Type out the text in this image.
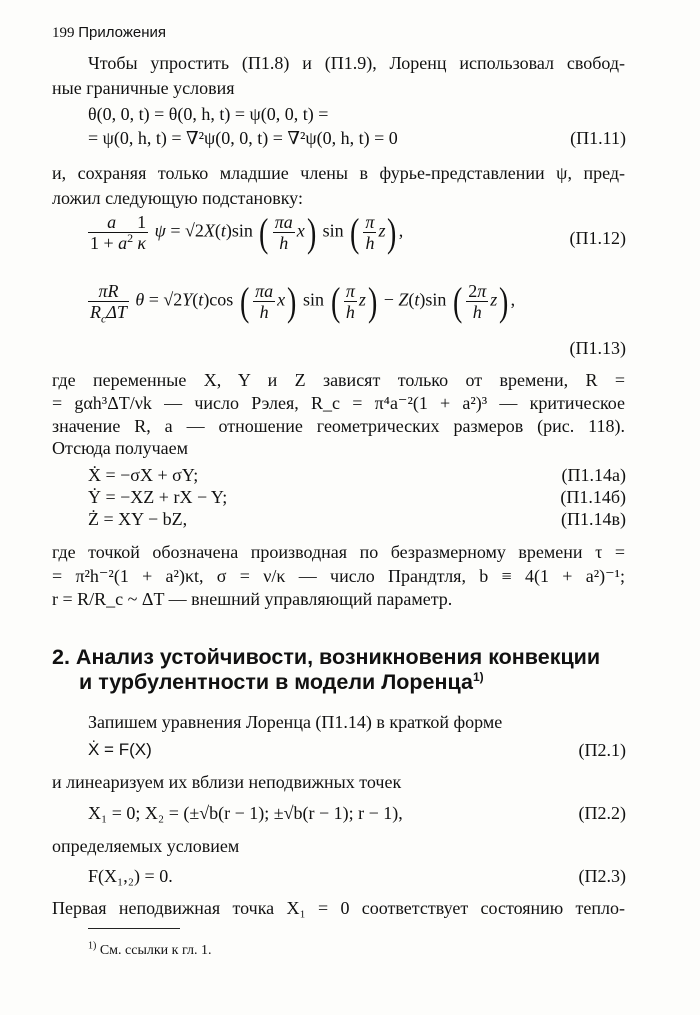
199 Приложения
Чтобы упростить (П1.8) и (П1.9), Лоренц использовал свобод-
ные граничные условия
θ(0, 0, t) = θ(0, h, t) = ψ(0, 0, t) =
= ψ(0, h, t) = ∇²ψ(0, 0, t) = ∇²ψ(0, h, t) = 0	(П1.11)
и, сохраняя только младшие члены в фурье-представлении ψ, пред-
ложил следующую подстановку:
$\frac{a}{1 + a^2} \frac{1}{\kappa}$ ψ = √2X(t)sin ( $\frac{\pi a}{h} x$) sin ( $\frac{\pi}{h} z$) ,	(П1.12)
$\frac{\pi R}{R_c\Delta T}$ θ = √2Y(t)cos ( $\frac{\pi a}{h} x$) sin ( $\frac{\pi}{h} z) - Z(t)\sin$ ( $\frac{2\pi}{h} z$) ,
(П1.13)
где переменные X, Y и Z зависят только от времени, R =
= gαh³ΔT/νk — число Рэлея, R_c = π⁴a⁻²(1 + a²)³ — критическое
значение R, a — отношение геометрических размеров (рис. 118).
Отсюда получаем
Ẋ = −σX + σY;	(П1.14а)
Ẏ = −XZ + rX − Y;	(П1.14б)
Ż = XY − bZ,	(П1.14в)
где точкой обозначена производная по безразмерному времени τ =
= π²h⁻²(1 + a²)κt, σ = ν/κ — число Прандтля, b ≡ 4(1 + a²)⁻¹;
r = R/R_c ~ ΔT — внешний управляющий параметр.
2. Анализ устойчивости, возникновения конвекции
и турбулентности в модели Лоренца$^{1)}$
Запишем уравнения Лоренца (П1.14) в краткой форме
Ẋ = F(X)	(П2.1)
и линеаризуем их вблизи неподвижных точек
X₁ = 0; X₂ = (±√b(r − 1); ±√b(r − 1); r − 1),	(П2.2)
определяемых условием
F(X₁,₂) = 0.	(П2.3)
Первая неподвижная точка X₁ = 0 соответствует состоянию тепло-
$^{1)}$ См. ссылки к гл. 1.
